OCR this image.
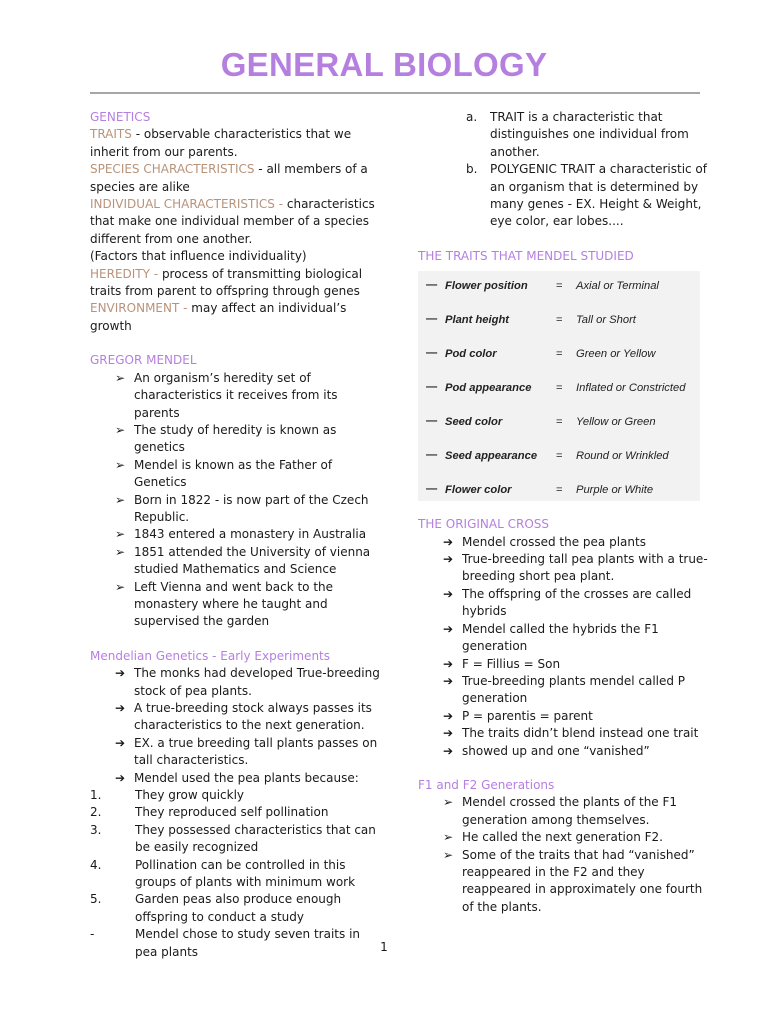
GENERAL BIOLOGY
GENETICS
TRAITS - observable characteristics that we inherit from our parents.
SPECIES CHARACTERISTICS - all members of a species are alike
INDIVIDUAL CHARACTERISTICS - characteristics that make one individual member of a species different from one another.
(Factors that influence individuality)
HEREDITY - process of transmitting biological traits from parent to offspring through genes
ENVIRONMENT - may affect an individual’s growth
GREGOR MENDEL
➢ An organism’s heredity set of characteristics it receives from its parents
➢ The study of heredity is known as genetics
➢ Mendel is known as the Father of Genetics
➢ Born in 1822 - is now part of the Czech Republic.
➢ 1843 entered a monastery in Australia
➢ 1851 attended the University of vienna studied Mathematics and Science
➢ Left Vienna and went back to the monastery where he taught and supervised the garden
Mendelian Genetics - Early Experiments
➔ The monks had developed True-breeding stock of pea plants.
➔ A true-breeding stock always passes its characteristics to the next generation.
➔ EX. a true breeding tall plants passes on tall characteristics.
➔ Mendel used the pea plants because:
1.	They grow quickly
2.	They reproduced self pollination
3.	They possessed characteristics that can be easily recognized
4.	Pollination can be controlled in this groups of plants with minimum work
5.	Garden peas also produce enough offspring to conduct a study
-	Mendel chose to study seven traits in pea plants
a.	TRAIT is a characteristic that distinguishes one individual from another.
b.	POLYGENIC TRAIT a characteristic of an organism that is determined by many genes - EX. Height & Weight, eye color, ear lobes....
THE TRAITS THAT MENDEL STUDIED
— Flower position	= Axial or Terminal
— Plant height	= Tall or Short
— Pod color	= Green or Yellow
— Pod appearance = Inflated or Constricted
— Seed color	= Yellow or Green
— Seed appearance = Round or Wrinkled
— Flower color	= Purple or White
THE ORIGINAL CROSS
➔ Mendel crossed the pea plants
➔ True-breeding tall pea plants with a true-breeding short pea plant.
➔ The offspring of the crosses are called hybrids
➔ Mendel called the hybrids the F1 generation
➔ F = Fillius = Son
➔ True-breeding plants mendel called P generation
➔ P = parentis = parent
➔ The traits didn’t blend instead one trait
➔ showed up and one “vanished”
F1 and F2 Generations
➢ Mendel crossed the plants of the F1 generation among themselves.
➢ He called the next generation F2.
➢ Some of the traits that had “vanished” reappeared in the F2 and they reappeared in approximately one fourth of the plants.
1
